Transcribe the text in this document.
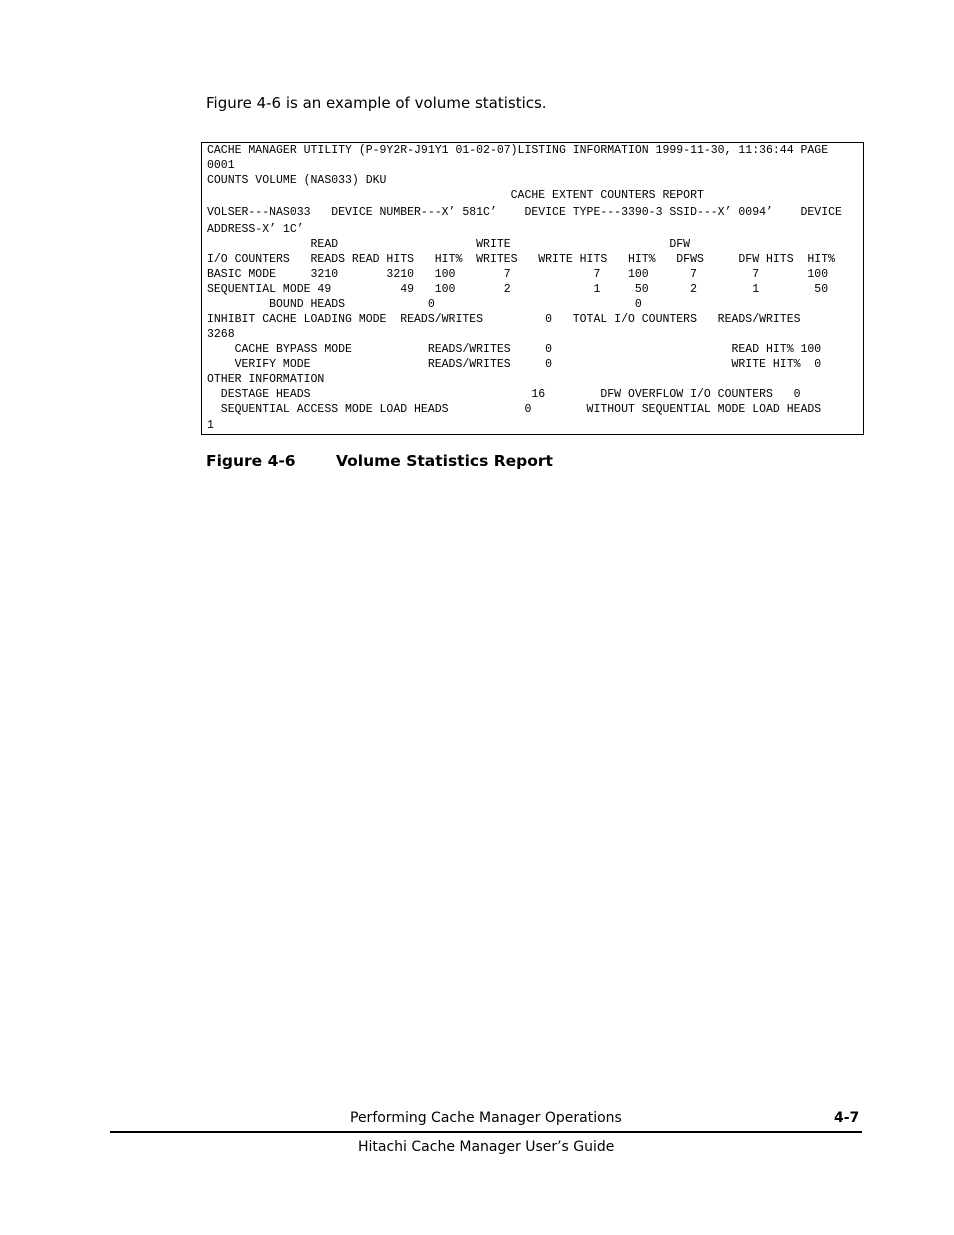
Figure 4-6 is an example of volume statistics.
CACHE MANAGER UTILITY (P-9Y2R-J91Y1 01-02-07)LISTING INFORMATION 1999-11-30, 11:36:44 PAGE
0001
COUNTS VOLUME (NAS033) DKU
CACHE EXTENT COUNTERS REPORT
VOLSER---NAS033   DEVICE NUMBER---X’ 581C’    DEVICE TYPE---3390-3 SSID---X’ 0094’    DEVICE
ADDRESS-X’ 1C’
READ                    WRITE                       DFW
I/O COUNTERS   READS READ HITS   HIT%  WRITES   WRITE HITS   HIT%   DFWS     DFW HITS  HIT%
BASIC MODE     3210       3210   100       7            7    100      7        7       100
SEQUENTIAL MODE 49          49   100       2            1     50      2        1        50
BOUND HEADS            0                             0
INHIBIT CACHE LOADING MODE  READS/WRITES         0   TOTAL I/O COUNTERS   READS/WRITES
3268
CACHE BYPASS MODE           READS/WRITES     0                          READ HIT% 100
VERIFY MODE                 READS/WRITES     0                          WRITE HIT%  0
OTHER INFORMATION
DESTAGE HEADS                                16        DFW OVERFLOW I/O COUNTERS   0
SEQUENTIAL ACCESS MODE LOAD HEADS           0        WITHOUT SEQUENTIAL MODE LOAD HEADS
1
Figure 4-6	Volume Statistics Report
Performing Cache Manager Operations	4-7
Hitachi Cache Manager User’s Guide
